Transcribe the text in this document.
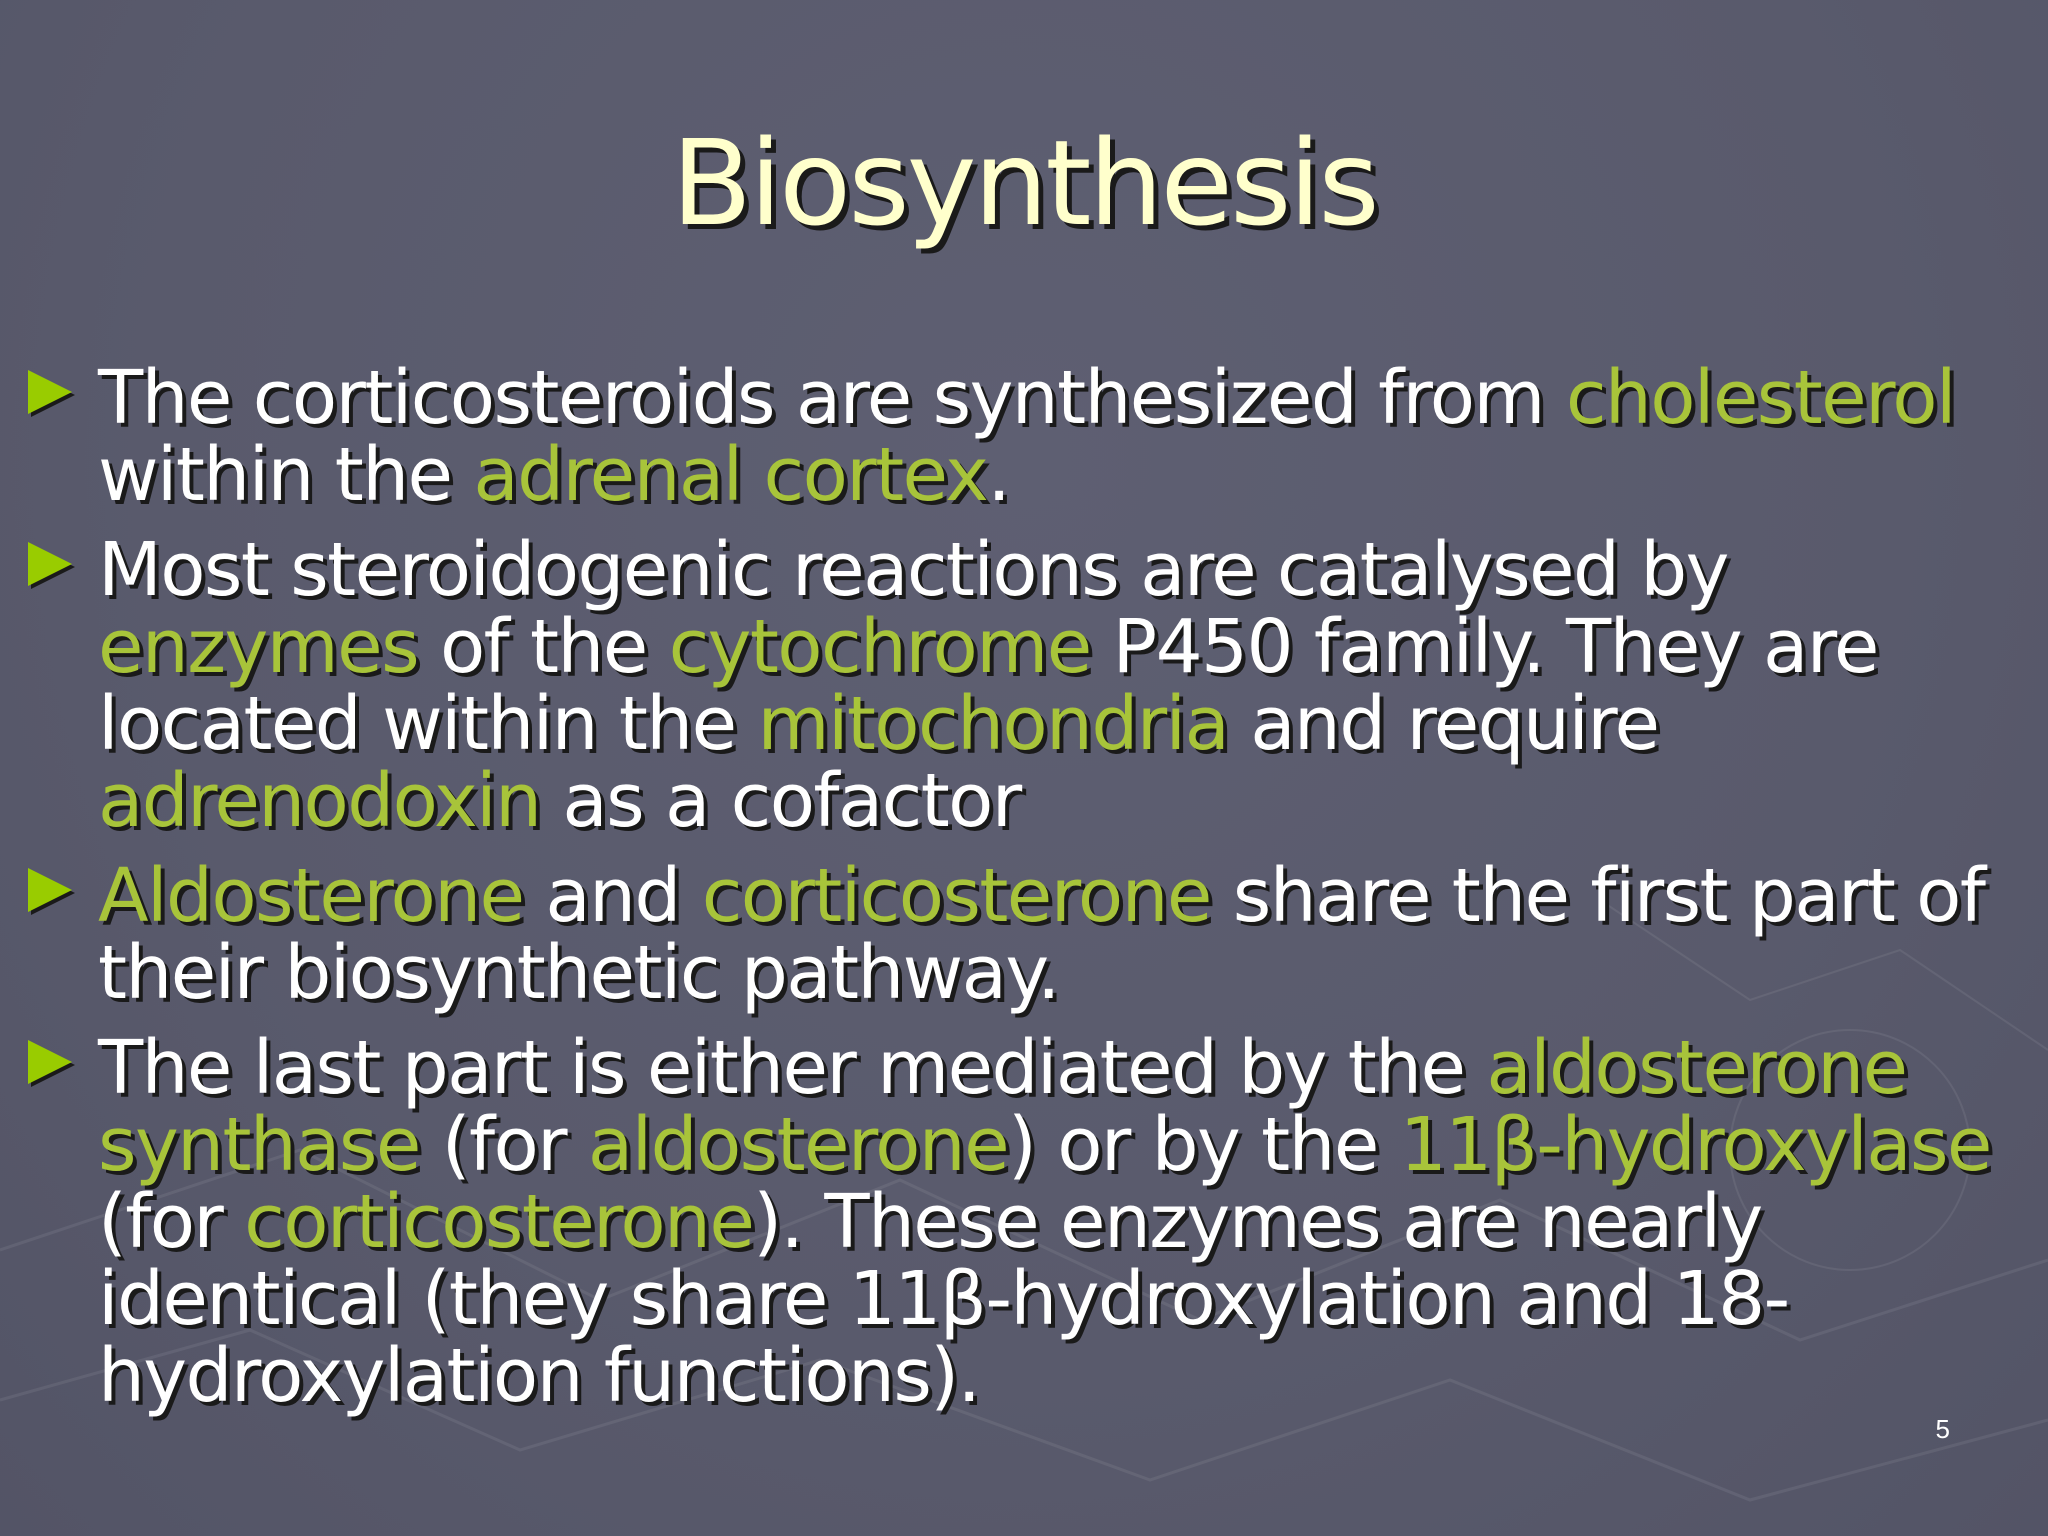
Biosynthesis
The corticosteroids are synthesized from cholesterol within the adrenal cortex.
Most steroidogenic reactions are catalysed by enzymes of the cytochrome P450 family. They are located within the mitochondria and require adrenodoxin as a cofactor
Aldosterone and corticosterone share the first part of their biosynthetic pathway.
The last part is either mediated by the aldosterone synthase (for aldosterone) or by the 11β-hydroxylase (for corticosterone). These enzymes are nearly identical (they share 11β-hydroxylation and 18-hydroxylation functions).
5
